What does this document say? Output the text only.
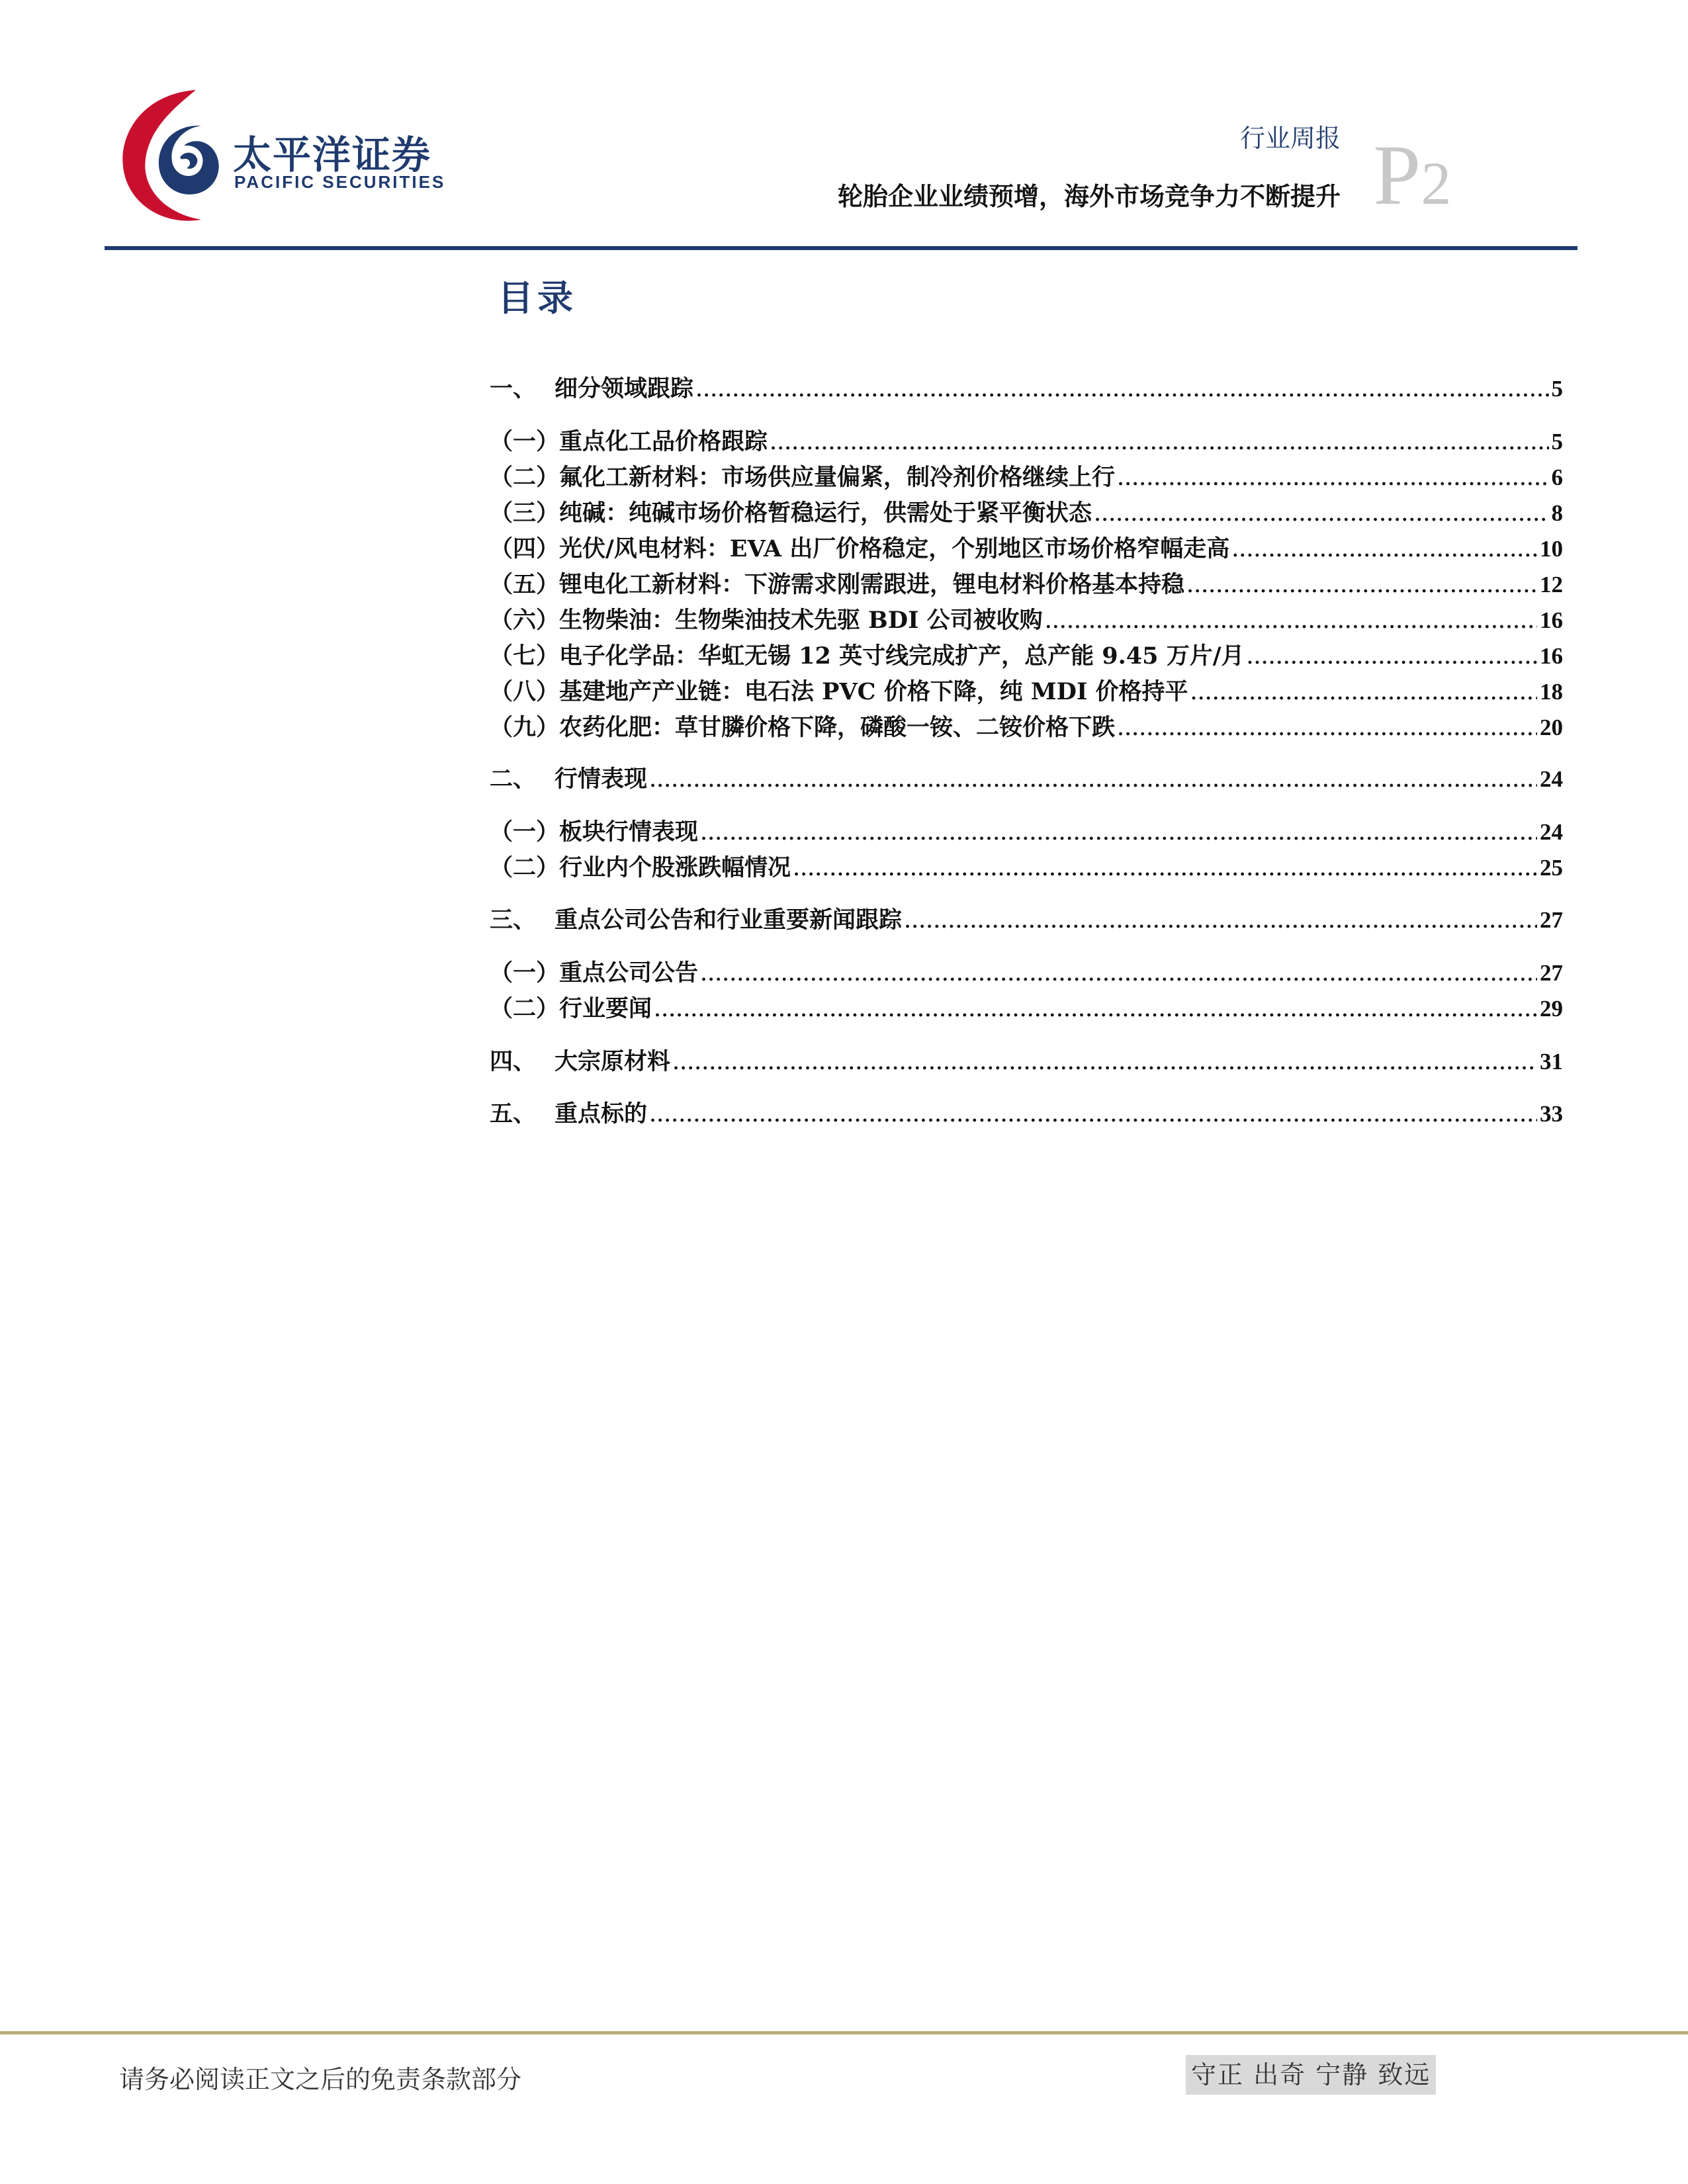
太平洋证券
PACIFIC SECURITIES
行业周报
轮胎企业业绩预增，海外市场竞争力不断提升 P2
目录
一、 细分领域跟踪 .....	5
（一）重点化工品价格跟踪 .....	5
（二）氟化工新材料：市场供应量偏紧，制冷剂价格继续上行 .....	6
（三）纯碱：纯碱市场价格暂稳运行，供需处于紧平衡状态 .....	8
（四）光伏/风电材料：EVA 出厂价格稳定，个别地区市场价格窄幅走高 .....	10
（五）锂电化工新材料：下游需求刚需跟进，锂电材料价格基本持稳 .....	12
（六）生物柴油：生物柴油技术先驱 BDI 公司被收购 .....	16
（七）电子化学品：华虹无锡 12 英寸线完成扩产，总产能 9.45 万片/月 .....	16
（八）基建地产产业链：电石法 PVC 价格下降，纯 MDI 价格持平 .....	18
（九）农药化肥：草甘膦价格下降，磷酸一铵、二铵价格下跌 .....	20
二、 行情表现 .....	24
（一）板块行情表现 .....	24
（二）行业内个股涨跌幅情况 .....	25
三、 重点公司公告和行业重要新闻跟踪 .....	27
（一）重点公司公告 .....	27
（二）行业要闻 .....	29
四、 大宗原材料 .....	31
五、 重点标的 .....	33
请务必阅读正文之后的免责条款部分	守正 出奇 宁静 致远
